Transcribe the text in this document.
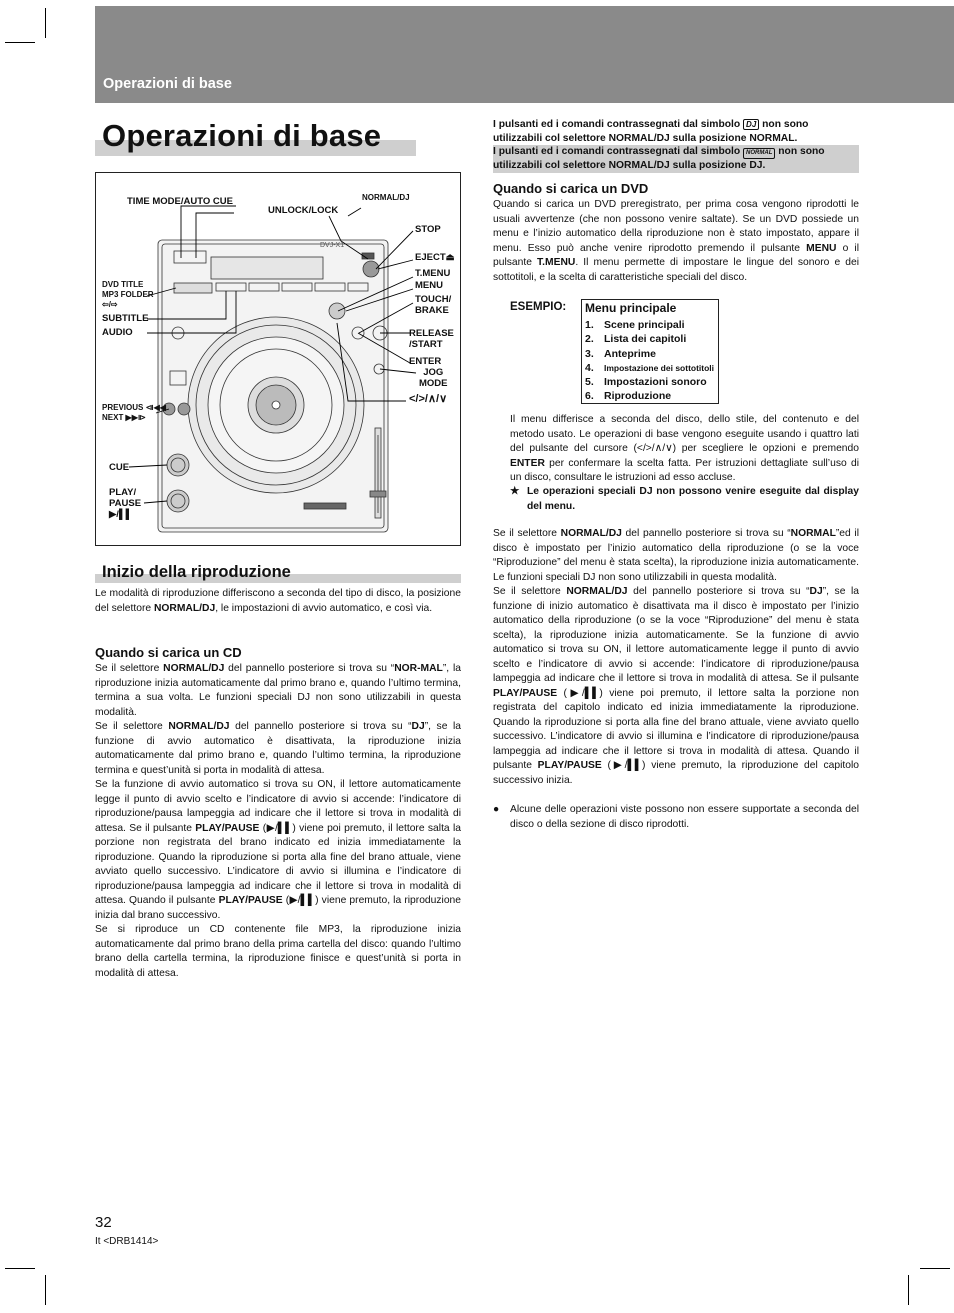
Operazioni di base
Operazioni di base	I pulsanti ed i comandi contrassegnati dal simbolo DJ non sono utilizzabili col selettore NORMAL/DJ sulla posizione NORMAL.
I pulsanti ed i comandi contrassegnati dal simbolo NORMAL non sono utilizzabili col selettore NORMAL/DJ sulla posizione DJ.
TIME MODE/AUTO CUE	NORMAL/DJ
UNLOCK/LOCK
STOP
EJECT⏏
T.MENU
MENU
TOUCH/
BRAKE
RELEASE
/START
ENTER
JOG
MODE
</>/∧/∨
DVD TITLE
MP3 FOLDER
⇦/⇨
SUBTITLE
AUDIO
PREVIOUS ⧏◀◀
NEXT ▶▶⧐
CUE
PLAY/
PAUSE
▶/▌▌
DVJ-X1
Inizio della riproduzione
Le modalità di riproduzione differiscono a seconda del tipo di disco, la posizione del selettore NORMAL/DJ, le impostazioni di avvio automatico, e così via.
Quando si carica un CD
Se il selettore NORMAL/DJ del pannello posteriore si trova su “NOR-MAL”, la riproduzione inizia automaticamente dal primo brano e, quando l’ultimo termina, termina a sua volta. Le funzioni speciali DJ non sono utilizzabili in questa modalità.
Se il selettore NORMAL/DJ del pannello posteriore si trova su “DJ”, se la funzione di avvio automatico è disattivata, la riproduzione inizia automaticamente dal primo brano e, quando l’ultimo termina, la riproduzione termina e quest’unità si porta in modalità di attesa.
Se la funzione di avvio automatico si trova su ON, il lettore automaticamente legge il punto di avvio scelto e l’indicatore di avvio si accende: l’indicatore di riproduzione/pausa lampeggia ad indicare che il lettore si trova in modalità di attesa. Se il pulsante PLAY/PAUSE (▶/▌▌) viene poi premuto, il lettore salta la porzione non registrata del brano indicato ed inizia immediatamente la riproduzione. Quando la riproduzione si porta alla fine del brano attuale, viene avviato quello successivo. L’indicatore di avvio si illumina e l’indicatore di riproduzione/pausa lampeggia ad indicare che il lettore si trova in modalità di attesa. Quando il pulsante PLAY/PAUSE (▶/▌▌) viene premuto, la riproduzione inizia dal brano successivo.
Se si riproduce un CD contenente file MP3, la riproduzione inizia automaticamente dal primo brano della prima cartella del disco: quando l’ultimo brano della cartella termina, la riproduzione finisce e quest’unità si porta in modalità di attesa.
Quando si carica un DVD
Quando si carica un DVD preregistrato, per prima cosa vengono riprodotti le usuali avvertenze (che non possono venire saltate). Se un DVD possiede un menu e l’inizio automatico della riproduzione non è stato impostato, appare il menu. Esso può anche venire riprodotto premendo il pulsante MENU o il pulsante T.MENU. Il menu permette di impostare le lingue del sonoro e dei sottotitoli, e la scelta di caratteristiche speciali del disco.
ESEMPIO: Menu principale
1. Scene principali
2. Lista dei capitoli
3. Anteprime
4. Impostazione dei sottotitoli
5. Impostazioni sonoro
6. Riproduzione
Il menu differisce a seconda del disco, dello stile, del contenuto e del metodo usato. Le operazioni di base vengono eseguite usando i quattro lati del pulsante del cursore (</>/∧/∨) per scegliere le opzioni e premendo ENTER per confermare la scelta fatta. Per istruzioni dettagliate sull’uso di un disco, consultare le istruzioni ad esso accluse.
★ Le operazioni speciali DJ non possono venire eseguite dal display del menu.
Se il selettore NORMAL/DJ del pannello posteriore si trova su “NORMAL”ed il disco è impostato per l’inizio automatico della riproduzione (o se la voce “Riproduzione” del menu è stata scelta), la riproduzione inizia automaticamente. Le funzioni speciali DJ non sono utilizzabili in questa modalità.
Se il selettore NORMAL/DJ del pannello posteriore si trova su “DJ”, se la funzione di inizio automatico è disattivata ma il disco è impostato per l’inizio automatico della riproduzione (o se la voce “Riproduzione” del menu è stata scelta), la riproduzione inizia automaticamente. Se la funzione di avvio automatico si trova su ON, il lettore automaticamente legge il punto di avvio scelto e l’indicatore di avvio si accende: l’indicatore di riproduzione/pausa lampeggia ad indicare che il lettore si trova in modalità di attesa. Se il pulsante PLAY/PAUSE (▶/▌▌) viene poi premuto, il lettore salta la porzione non registrata del capitolo indicato ed inizia immediatamente la riproduzione. Quando la riproduzione si porta alla fine del brano attuale, viene avviato quello successivo. L’indicatore di avvio si illumina e l’indicatore di riproduzione/pausa lampeggia ad indicare che il lettore si trova in modalità di attesa. Quando il pulsante PLAY/PAUSE (▶/▌▌) viene premuto, la riproduzione del capitolo successivo inizia.
● Alcune delle operazioni viste possono non essere supportate a seconda del disco o della sezione di disco riprodotti.
32
It <DRB1414>
